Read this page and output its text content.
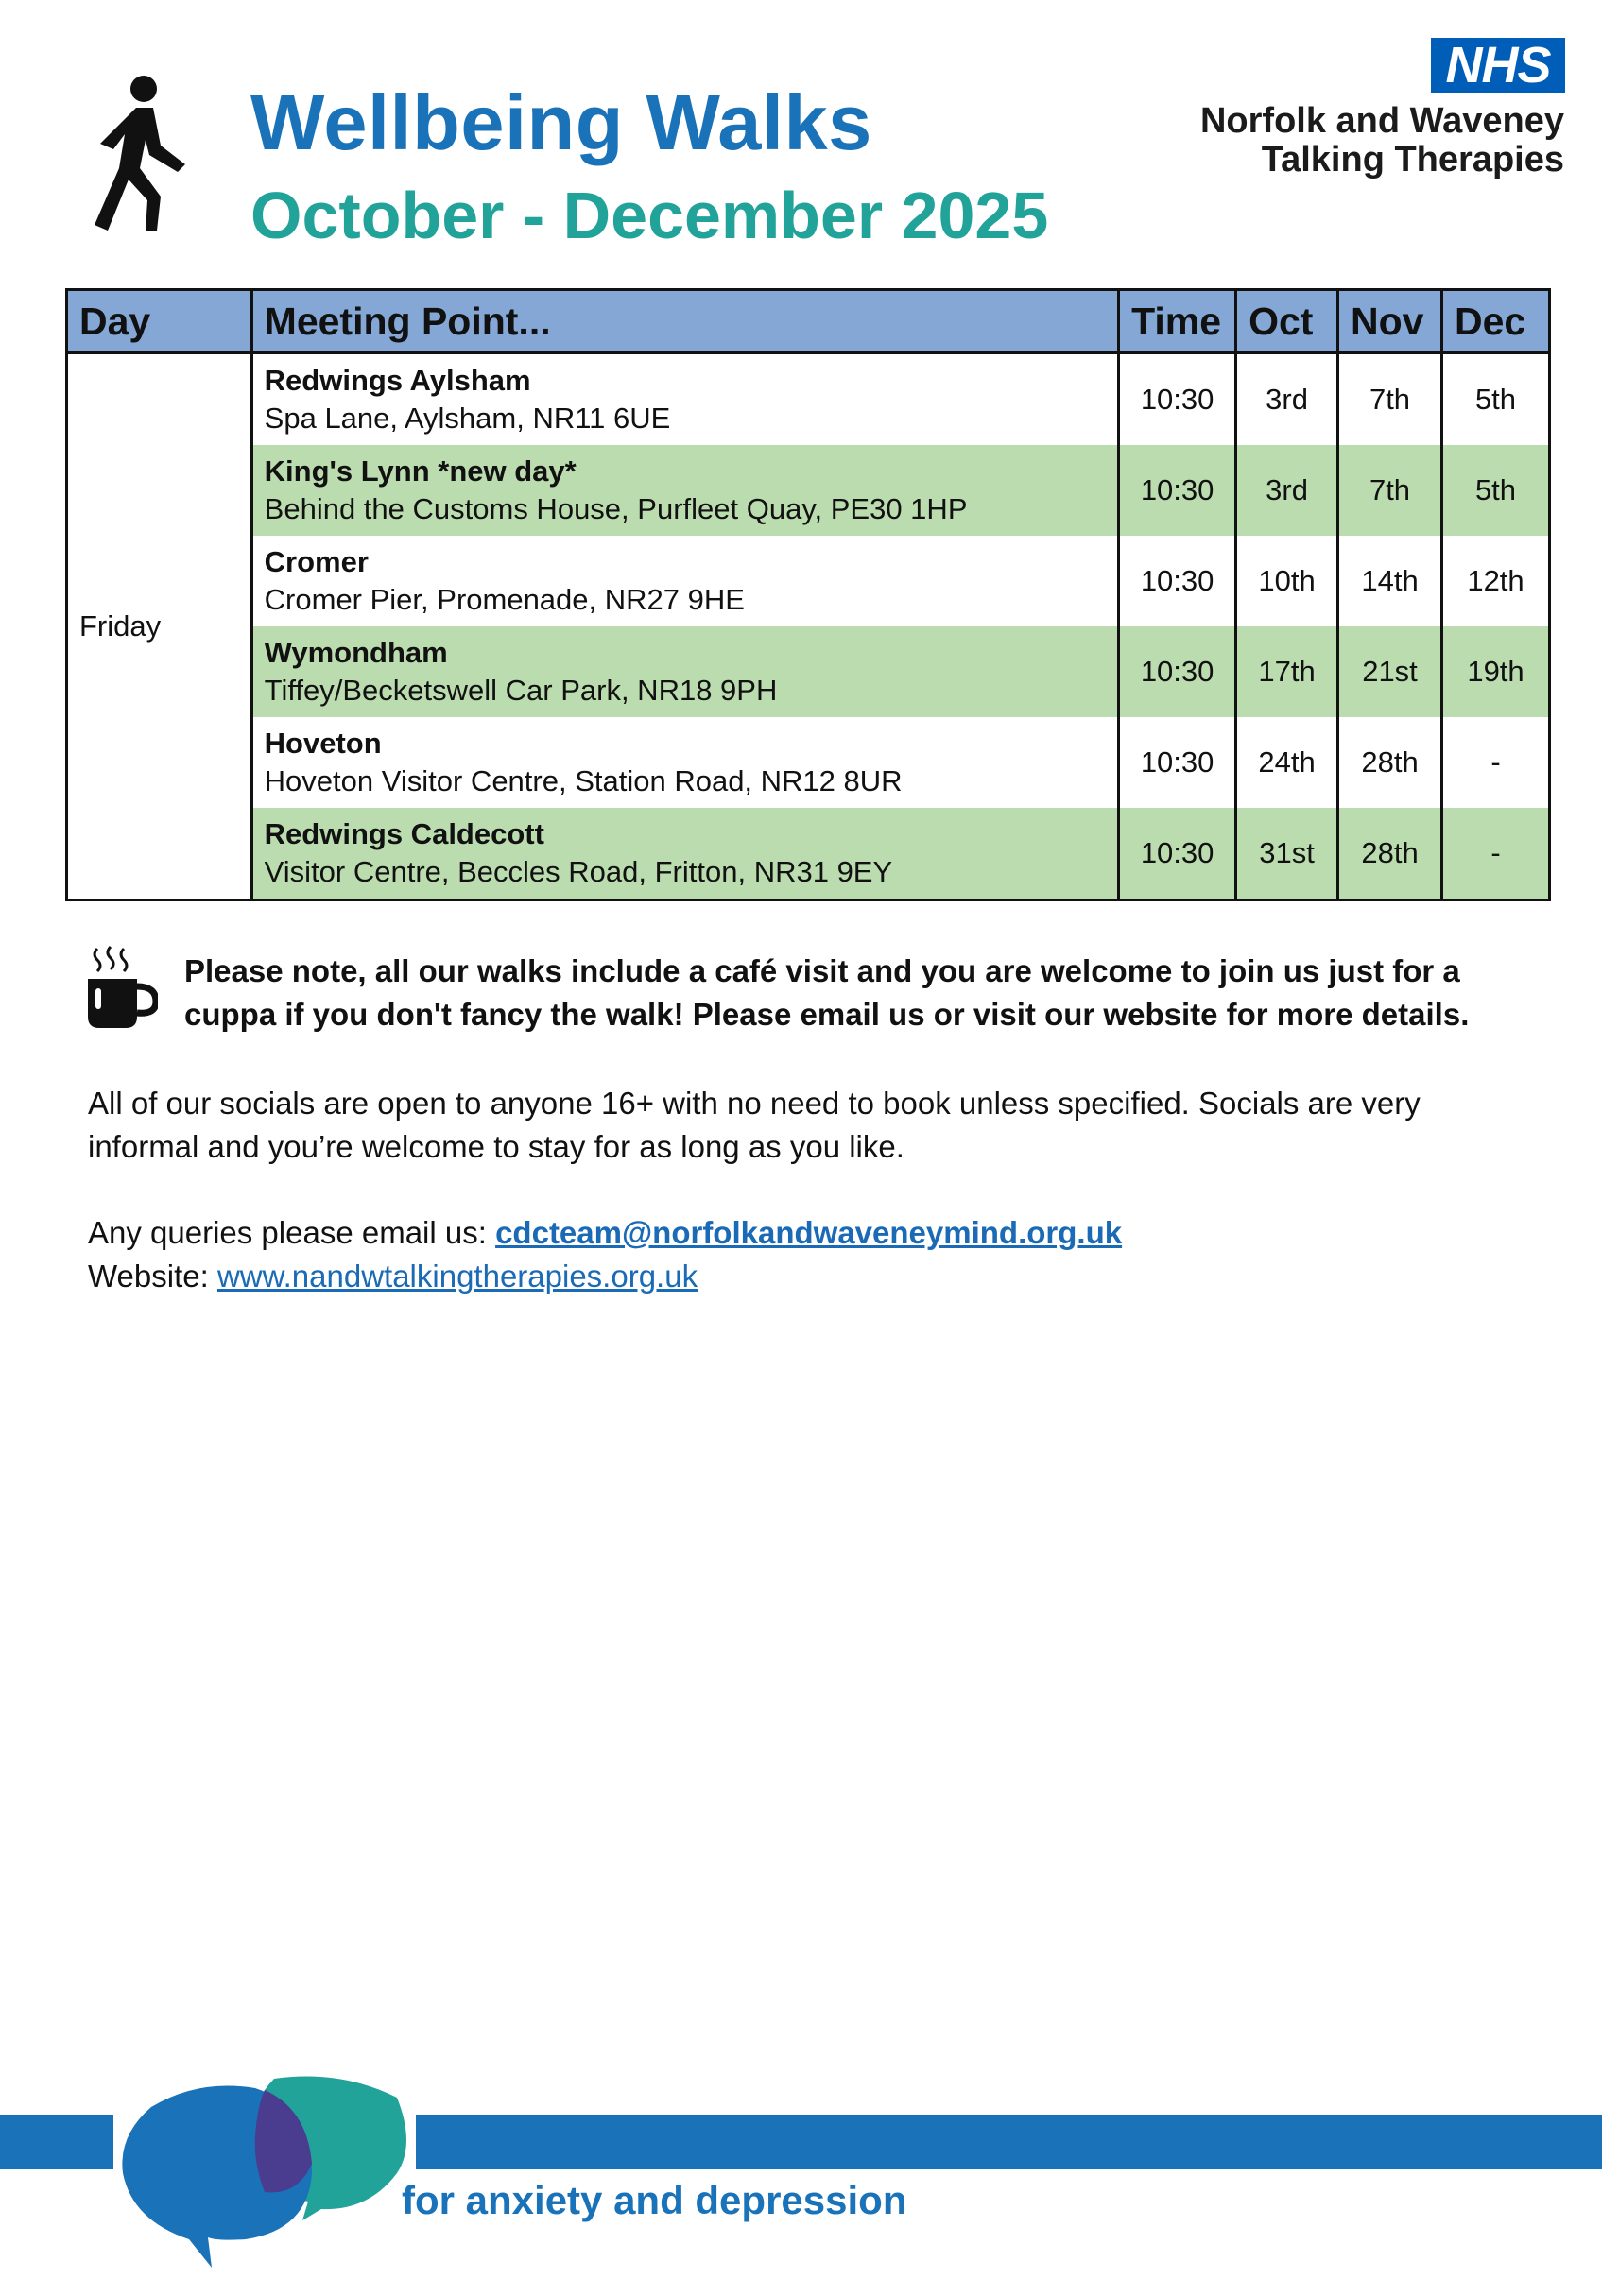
Wellbeing Walks
October - December 2025
NHS
Norfolk and Waveney
Talking Therapies
Day	Meeting Point...	Time	Oct	Nov	Dec
Friday	Redwings Aylsham
Spa Lane, Aylsham, NR11 6UE	10:30	3rd	7th	5th

	King's Lynn *new day*
Behind the Customs House, Purfleet Quay, PE30 1HP	10:30	3rd	7th	5th

	Cromer
Cromer Pier, Promenade, NR27 9HE	10:30	10th	14th	12th

	Wymondham
Tiffey/Becketswell Car Park, NR18 9PH	10:30	17th	21st	19th

	Hoveton
Hoveton Visitor Centre, Station Road, NR12 8UR	10:30	24th	28th	-

	Redwings Caldecott
Visitor Centre, Beccles Road, Fritton, NR31 9EY	10:30	31st	28th	-

Please note, all our walks include a café visit and you are welcome to join us just for a cuppa if you don't fancy the walk! Please email us or visit our website for more details.

All of our socials are open to anyone 16+ with no need to book unless specified. Socials are very informal and you’re welcome to stay for as long as you like.

Any queries please email us: cdcteam@norfolkandwaveneymind.org.uk
Website: www.nandwtalkingtherapies.org.uk

for anxiety and depression
